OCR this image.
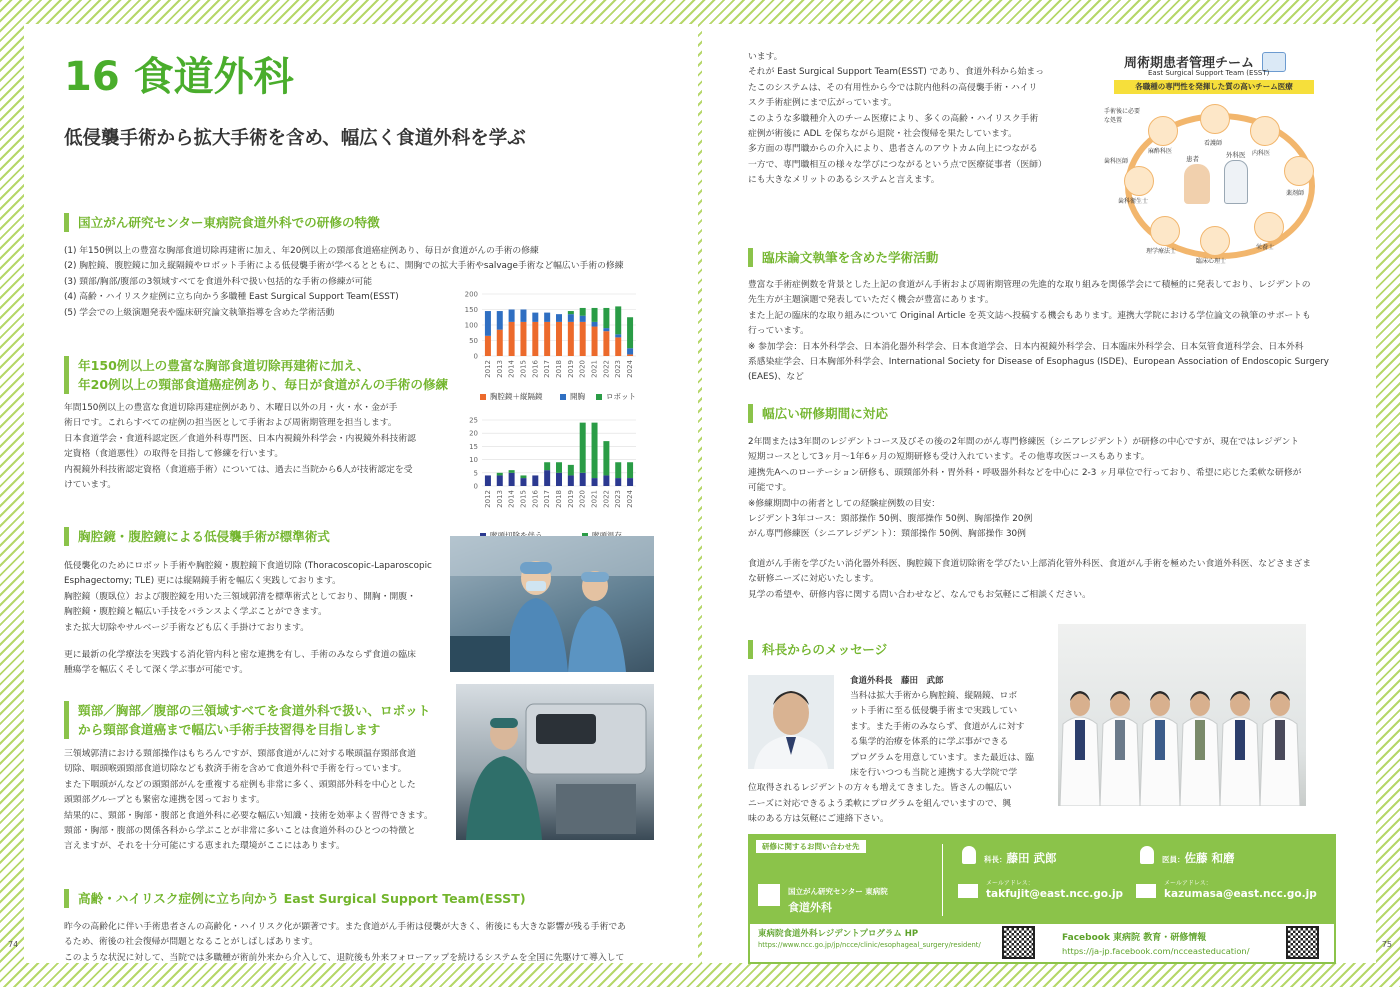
16 食道外科
低侵襲手術から拡大手術を含め、幅広く食道外科を学ぶ
国立がん研究センター東病院食道外科での研修の特徴
(1) 年150例以上の豊富な胸部食道切除再建術に加え、年20例以上の頸部食道癌症例あり、毎日が食道がんの手術の修練
(2) 胸腔鏡、腹腔鏡に加え縦隔鏡やロボット手術による低侵襲手術が学べるとともに、開胸での拡大手術やsalvage手術など幅広い手術の修練
(3) 頸部/胸部/腹部の3領域すべてを食道外科で扱い包括的な手術の修練が可能
(4) 高齢・ハイリスク症例に立ち向かう多職種 East Surgical Support Team(ESST)
(5) 学会での上級演題発表や臨床研究論文執筆指導を含めた学術活動
0
50
100
150
200
2012 2013 2014 2015 2016 2017 2018 2019 2020 2021 2022 2023 2024
胸腔鏡＋縦隔鏡	開胸	ロボット
年150例以上の豊富な胸部食道切除再建術に加え、
年20例以上の頸部食道癌症例あり、毎日が食道がんの手術の修練
年間150例以上の豊富な食道切除再建症例があり、木曜日以外の月・火・水・金が手
術日です。これらすべての症例の担当医として手術および周術期管理を担当します。
日本食道学会・食道科認定医／食道外科専門医、日本内視鏡外科学会・内視鏡外科技術認
定資格（食道悪性）の取得を目指して修練を行います。
内視鏡外科技術認定資格（食道癌手術）については、過去に当院から6人が技術認定を受
けています。	0
5
10
15
20
25
2012 2013 2014 2015 2016 2017 2018 2019 2020 2021 2022 2023 2024
胸腔鏡・腹腔鏡による低侵襲手術が標準術式
低侵襲化のためにロボット手術や胸腔鏡・腹腔鏡下食道切除 (Thoracoscopic-Laparoscopic
Esphagectomy; TLE) 更には縦隔鏡手術を幅広く実践しております。
胸腔鏡（腹臥位）および腹腔鏡を用いた三領域郭清を標準術式としており、開胸・開腹・
胸腔鏡・腹腔鏡と幅広い手技をバランスよく学ぶことができます。
また拡大切除やサルベージ手術なども広く手掛けております。
更に最新の化学療法を実践する消化管内科と密な連携を有し、手術のみならず食道の臨床
腫瘍学を幅広くそして深く学ぶ事が可能です。
頸部／胸部／腹部の三領域すべてを食道外科で扱い、ロボット
から頸部食道癌まで幅広い手術手技習得を目指します
三領域郭清における頸部操作はもちろんですが、頸部食道がんに対する喉頭温存頸部食道
切除、咽頭喉頭頸部食道切除なども救済手術を含めて食道外科で手術を行っています。
また下咽頭がんなどの頭頸部がんを重複する症例も非常に多く、頭頸部外科を中心とした
頭頸部グループとも緊密な連携を図っております。
結果的に、頸部・胸部・腹部と食道外科に必要な幅広い知識・技術を効率よく習得できます。
頸部・胸部・腹部の関係各科から学ぶことが非常に多いことは食道外科のひとつの特徴と
言えますが、それを十分可能にする恵まれた環境がここにはあります。
高齢・ハイリスク症例に立ち向かう East Surgical Support Team(ESST)
昨今の高齢化に伴い手術患者さんの高齢化・ハイリスク化が顕著です。また食道がん手術は侵襲が大きく、術後にも大きな影響が残る手術であ
るため、術後の社会復帰が問題となることがしばしばあります。
このような状況に対して、当院では多職種が術前外来から介入して、退院後も外来フォローアップを続けるシステムを全国に先駆けて導入して
74
います。
それが East Surgical Support Team(ESST) であり、食道外科から始まっ
たこのシステムは、その有用性から今では院内他科の高侵襲手術・ハイリ
スク手術症例にまで広がっています。
このような多職種介入のチーム医療により、多くの高齢・ハイリスク手術
症例が術後に ADL を保ちながら退院・社会復帰を果たしています。
多方面の専門職からの介入により、患者さんのアウトカム向上につながる
一方で、専門職相互の様々な学びにつながるという点で医療従事者（医師）
にも大きなメリットのあるシステムと言えます。
周術期患者管理チーム
East Surgical Support Team (ESST)
各職種の専門性を発揮した質の高いチーム医療
患者	外科医
看護師
内科医
薬剤師
栄養士
臨床心理士
理学療法士
歯科衛生士
麻酔科医
手術後に必要な処置
歯科医師
臨床論文執筆を含めた学術活動
豊富な手術症例数を背景とした上記の食道がん手術および周術期管理の先進的な取り組みを関係学会にて積極的に発表しており、レジデントの
先生方が主題演題で発表していただく機会が豊富にあります。
また上記の臨床的な取り組みについて Original Article を英文誌へ投稿する機会もあります。連携大学院における学位論文の執筆のサポートも
行っています。
※ 参加学会：日本外科学会、日本消化器外科学会、日本食道学会、日本内視鏡外科学会、日本臨床外科学会、日本気管食道科学会、日本外科
系感染症学会、日本胸部外科学会、International Society for Disease of Esophagus (ISDE)、European Association of Endoscopic Surgery
(EAES)、など
幅広い研修期間に対応
2年間または3年間のレジデントコース及びその後の2年間のがん専門修練医（シニアレジデント）が研修の中心ですが、現在ではレジデント
短期コースとして3ヶ月〜1年6ヶ月の短期研修も受け入れています。その他専攻医コースもあります。
連携先Aへのローテーション研修も、頭頸部外科・胃外科・呼吸器外科などを中心に 2-3 ヶ月単位で行っており、希望に応じた柔軟な研修が
可能です。
※修練期間中の術者としての経験症例数の目安：
レジデント3年コース：頸部操作 50例、腹部操作 50例、胸部操作 20例
がん専門修練医（シニアレジデント）：頸部操作 50例、胸部操作 30例
食道がん手術を学びたい消化器外科医、胸腔鏡下食道切除術を学びたい上部消化管外科医、食道がん手術を極めたい食道外科医、などさまざま
な研修ニーズに対応いたします。
見学の希望や、研修内容に関する問い合わせなど、なんでもお気軽にご相談ください。
科長からのメッセージ
食道外科長　藤田　武郎
当科は拡大手術から胸腔鏡、縦隔鏡、ロボ
ット手術に至る低侵襲手術まで実践してい
ます。また手術のみならず、食道がんに対す
る集学的治療を体系的に学ぶ事ができる
プログラムを用意しています。また最近は、臨
床を行いつつも当院と連携する大学院で学
位取得されるレジデントの方々も増えてきました。皆さんの幅広い
ニーズに対応できるよう柔軟にプログラムを組んでいますので、興
味のある方は気軽にご連絡下さい。
研修に関するお問い合わせ先
国立がん研究センター 東病院
食道外科
科長：藤田 武郎
メールアドレス：
takfujit@east.ncc.go.jp
医員：佐藤 和磨
メールアドレス：
kazumasa@east.ncc.go.jp
東病院食道外科レジデントプログラム HP
https://www.ncc.go.jp/jp/ncce/clinic/esophageal_surgery/resident/
Facebook 東病院 教育・研修情報
https://ja-jp.facebook.com/ncceasteducation/
75
